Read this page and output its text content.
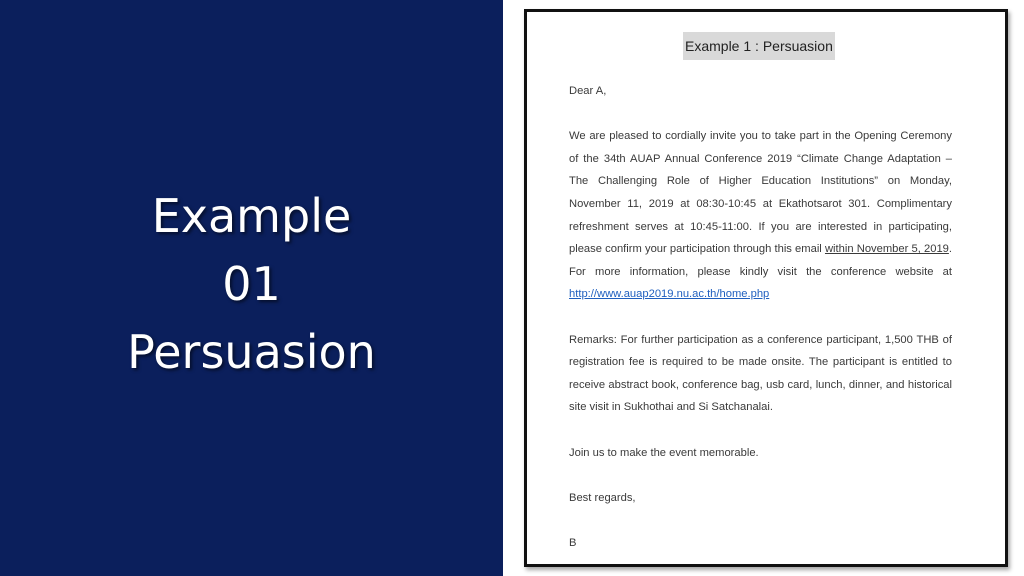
Example
01
Persuasion
Example 1 : Persuasion

Dear A,

We are pleased to cordially invite you to take part in the Opening Ceremony of the 34th AUAP Annual Conference 2019 “Climate Change Adaptation – The Challenging Role of Higher Education Institutions” on Monday, November 11, 2019 at 08:30-10:45 at Ekathotsarot 301. Complimentary refreshment serves at 10:45-11:00. If you are interested in participating, please confirm your participation through this email within November 5, 2019. For more information, please kindly visit the conference website at http://www.auap2019.nu.ac.th/home.php

Remarks: For further participation as a conference participant, 1,500 THB of registration fee is required to be made onsite. The participant is entitled to receive abstract book, conference bag, usb card, lunch, dinner, and historical site visit in Sukhothai and Si Satchanalai.

Join us to make the event memorable.

Best regards,

B
